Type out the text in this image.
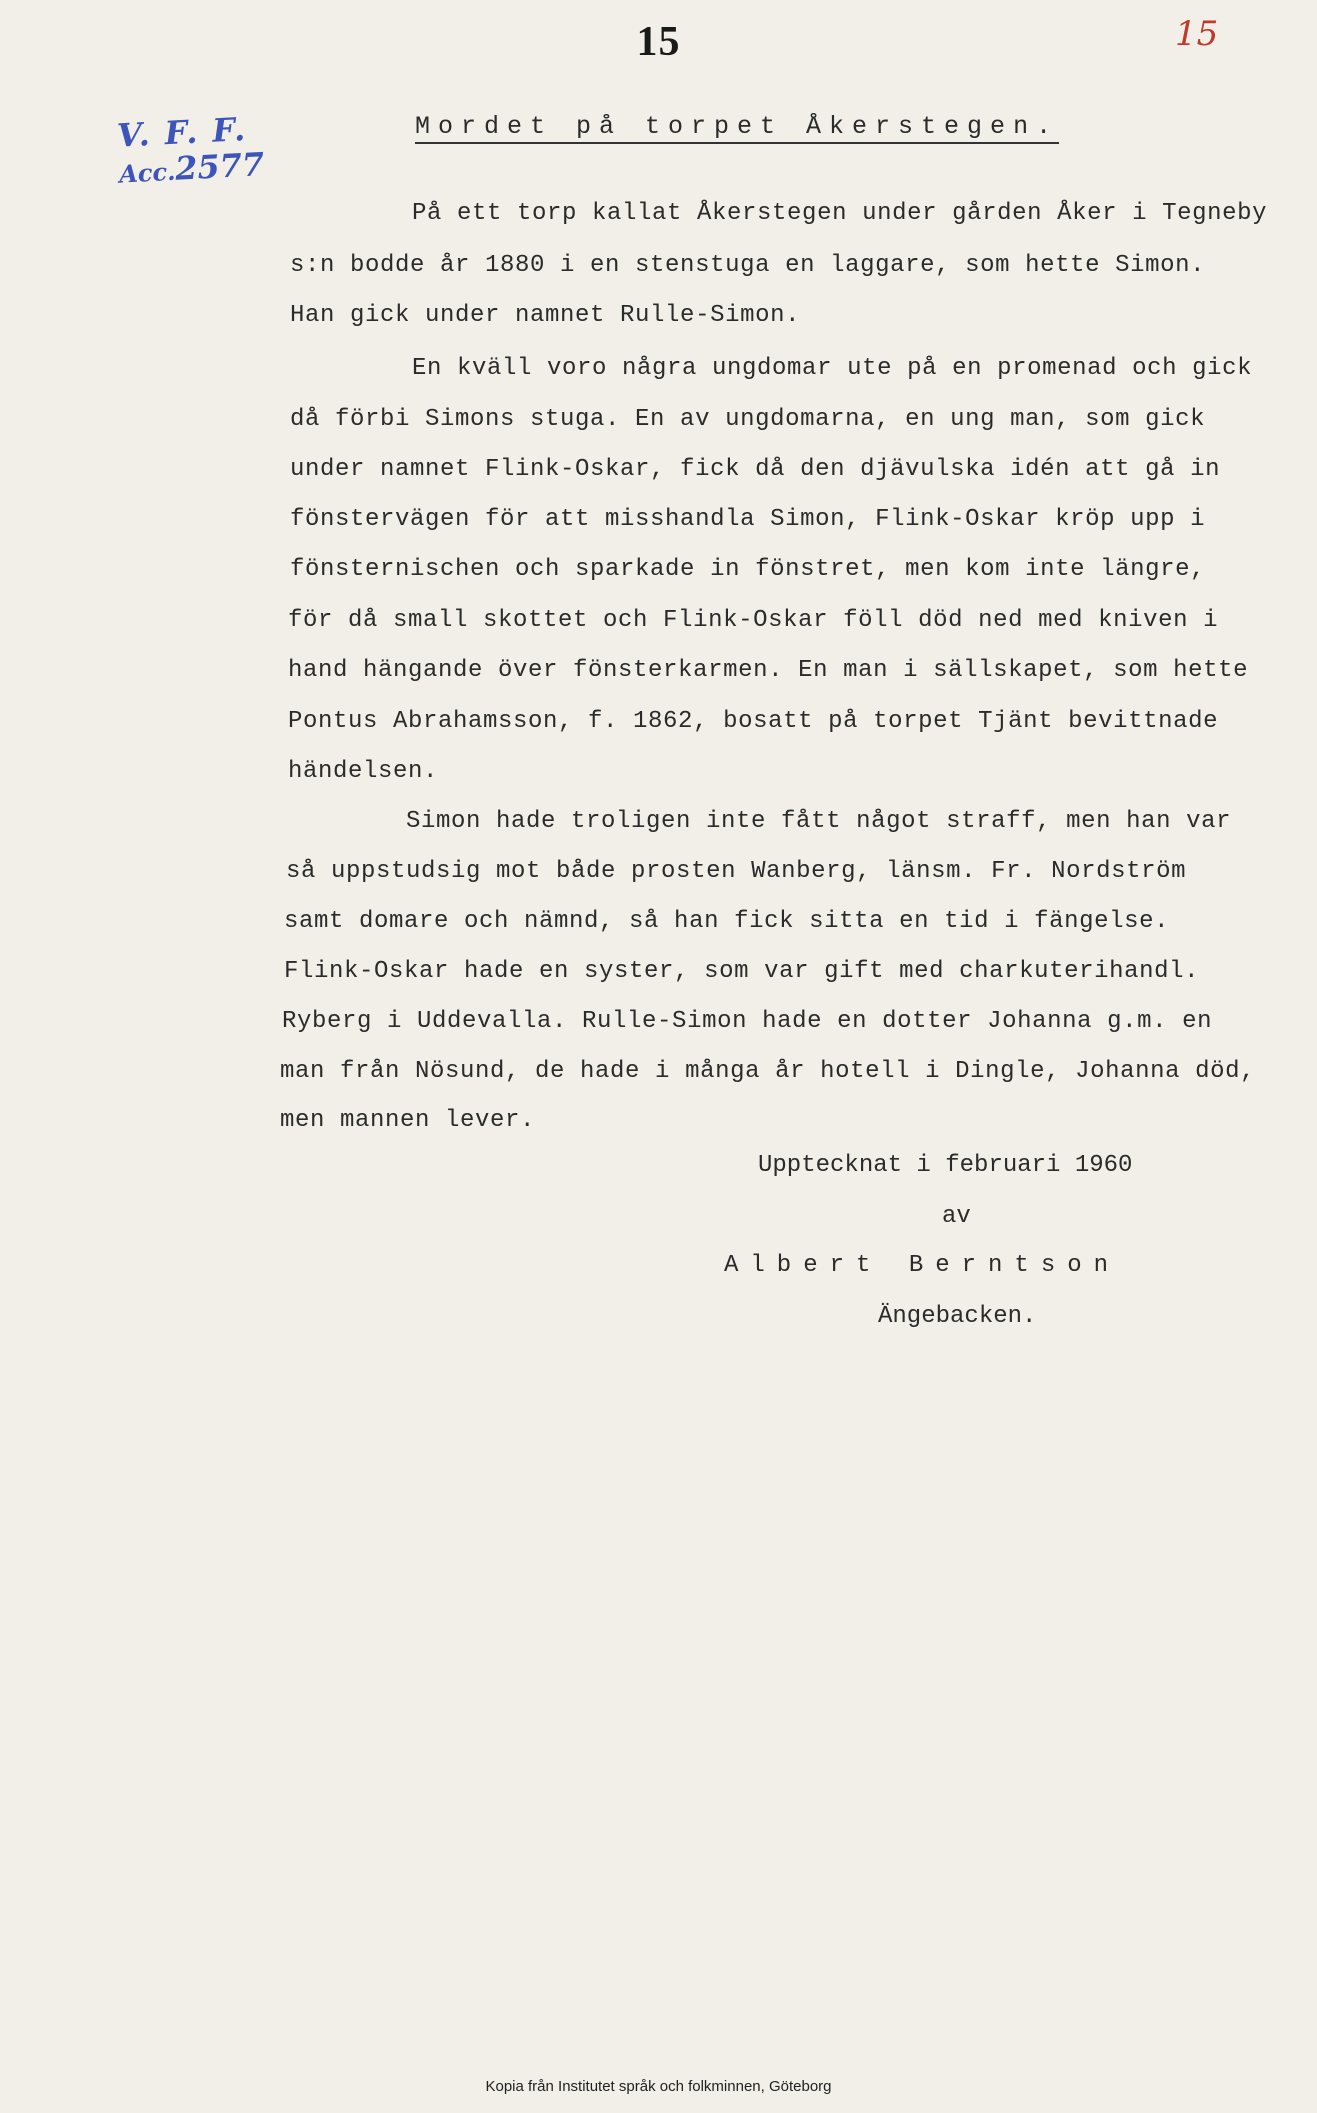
15	15
V. F. F.
Acc.2577
Mordet på torpet Åkerstegen.
På ett torp kallat Åkerstegen under gården Åker i Tegneby
s:n bodde år 1880 i en stenstuga en laggare, som hette Simon.
Han gick under namnet Rulle-Simon.
En kväll voro några ungdomar ute på en promenad och gick
då förbi Simons stuga. En av ungdomarna, en ung man, som gick
under namnet Flink-Oskar, fick då den djävulska idén att gå in
fönstervägen för att misshandla Simon, Flink-Oskar kröp upp i
fönsternischen och sparkade in fönstret, men kom inte längre,
för då small skottet och Flink-Oskar föll död ned med kniven i
hand hängande över fönsterkarmen. En man i sällskapet, som hette
Pontus Abrahamsson, f. 1862, bosatt på torpet Tjänt bevittnade
händelsen.
Simon hade troligen inte fått något straff, men han var
så uppstudsig mot både prosten Wanberg, länsm. Fr. Nordström
samt domare och nämnd, så han fick sitta en tid i fängelse.
Flink-Oskar hade en syster, som var gift med charkuterihandl.
Ryberg i Uddevalla. Rulle-Simon hade en dotter Johanna g.m. en
man från Nösund, de hade i många år hotell i Dingle, Johanna död,
men mannen lever.
Upptecknat i februari 1960
av
Albert Berntson
Ängebacken.
Kopia från Institutet språk och folkminnen, Göteborg
